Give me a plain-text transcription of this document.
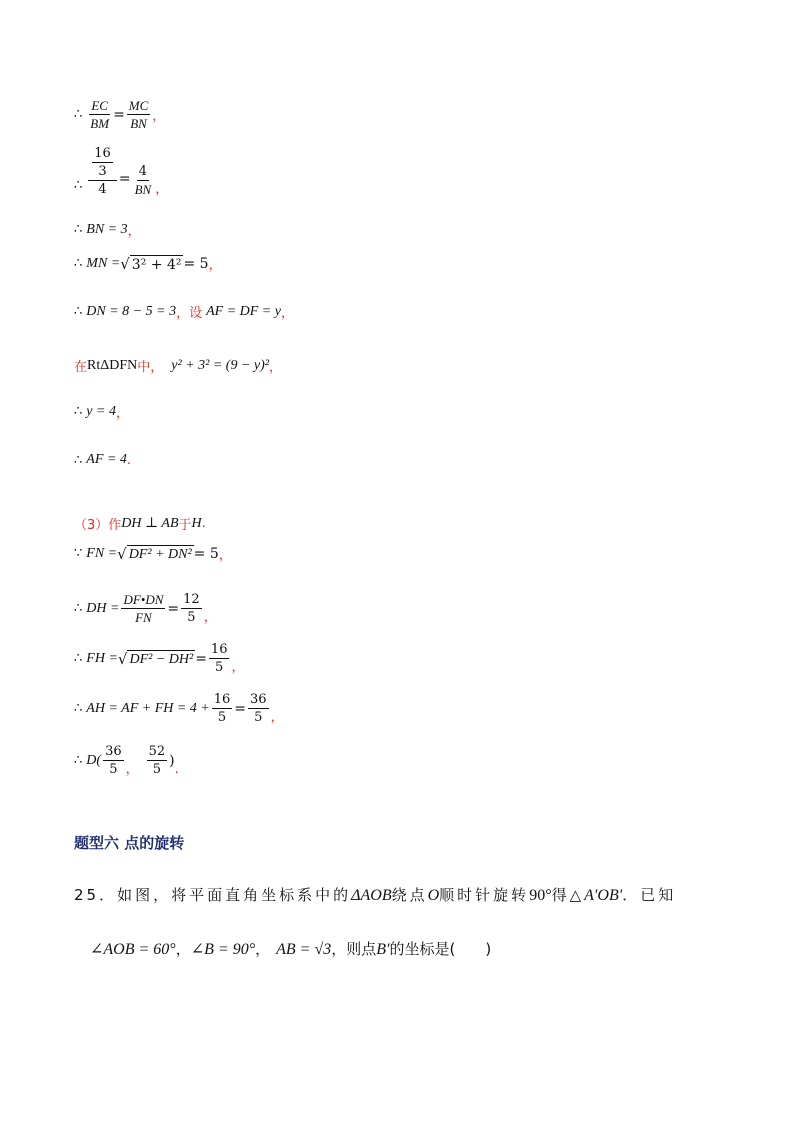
∴ $\frac{EC}{BM} = \frac{MC}{BN}$ ，
∴ $\frac{\frac{16}{3}}{4} = \frac{4}{BN}$ ，
∴ BN = 3 ，
∴ MN = √ 3² + 4² = 5 ，
∴ DN = 8 − 5 = 3 ，设 AF = DF = y ，
在 RtΔDFN 中， y² + 3² = (9 − y)² ，
∴ y = 4 ，
∴ AF = 4 .
（3）作 DH ⊥ AB 于 H .
∵ FN = √ DF² + DN² = 5 ，
∴ DH = $\frac{DF•DN}{FN} = \frac{12}{5}$ ，
∴ FH = √ $DF^2 - DH^2 = \frac{16}{5}$ ，
∴ AH = AF + FH = $4 + \frac{16}{5} = \frac{36}{5}$ ，
∴ $D( \frac{36}{5}$ ， $\frac{52}{5}$ )
.
题型六 点的旋转
25．如图，将平面直角坐标系中的ΔAOB绕点O顺时针旋转90°得△A′OB′．已知
∠AOB = 60°，∠B = 90°， AB = √3，则点B′的坐标是(　　)
